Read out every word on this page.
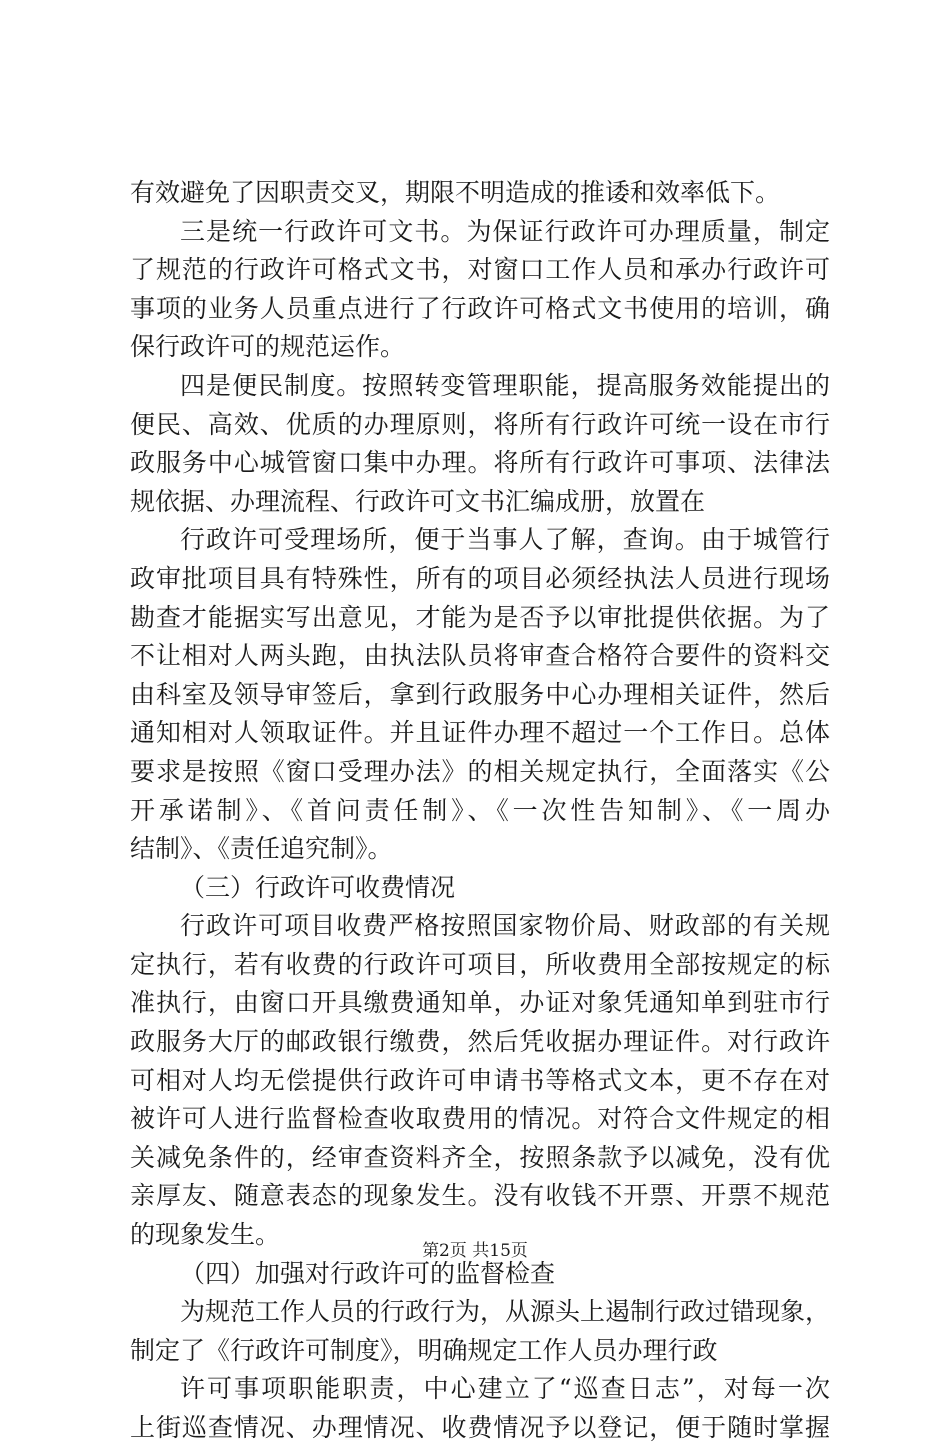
有效避免了因职责交叉，期限不明造成的推诿和效率低下。
三是统一行政许可文书。为保证行政许可办理质量，制定
了规范的行政许可格式文书，对窗口工作人员和承办行政许可
事项的业务人员重点进行了行政许可格式文书使用的培训，确
保行政许可的规范运作。
四是便民制度。按照转变管理职能，提高服务效能提出的
便民、高效、优质的办理原则，将所有行政许可统一设在市行
政服务中心城管窗口集中办理。将所有行政许可事项、法律法
规依据、办理流程、行政许可文书汇编成册，放置在
行政许可受理场所，便于当事人了解，查询。由于城管行
政审批项目具有特殊性，所有的项目必须经执法人员进行现场
勘查才能据实写出意见，才能为是否予以审批提供依据。为了
不让相对人两头跑，由执法队员将审查合格符合要件的资料交
由科室及领导审签后，拿到行政服务中心办理相关证件，然后
通知相对人领取证件。并且证件办理不超过一个工作日。总体
要求是按照《窗口受理办法》的相关规定执行，全面落实《公
开承诺制》、《首问责任制》、《一次性告知制》、《一周办
结制》、《责任追究制》。
（三）行政许可收费情况
行政许可项目收费严格按照国家物价局、财政部的有关规
定执行，若有收费的行政许可项目，所收费用全部按规定的标
准执行，由窗口开具缴费通知单，办证对象凭通知单到驻市行
政服务大厅的邮政银行缴费，然后凭收据办理证件。对行政许
可相对人均无偿提供行政许可申请书等格式文本，更不存在对
被许可人进行监督检查收取费用的情况。对符合文件规定的相
关减免条件的，经审查资料齐全，按照条款予以减免，没有优
亲厚友、随意表态的现象发生。没有收钱不开票、开票不规范
的现象发生。
（四）加强对行政许可的监督检查
为规范工作人员的行政行为，从源头上遏制行政过错现象，
制定了《行政许可制度》，明确规定工作人员办理行政
许可事项职能职责，中心建立了“巡查日志”，对每一次
上街巡查情况、办理情况、收费情况予以登记，便于随时掌握
第2页 共15页
